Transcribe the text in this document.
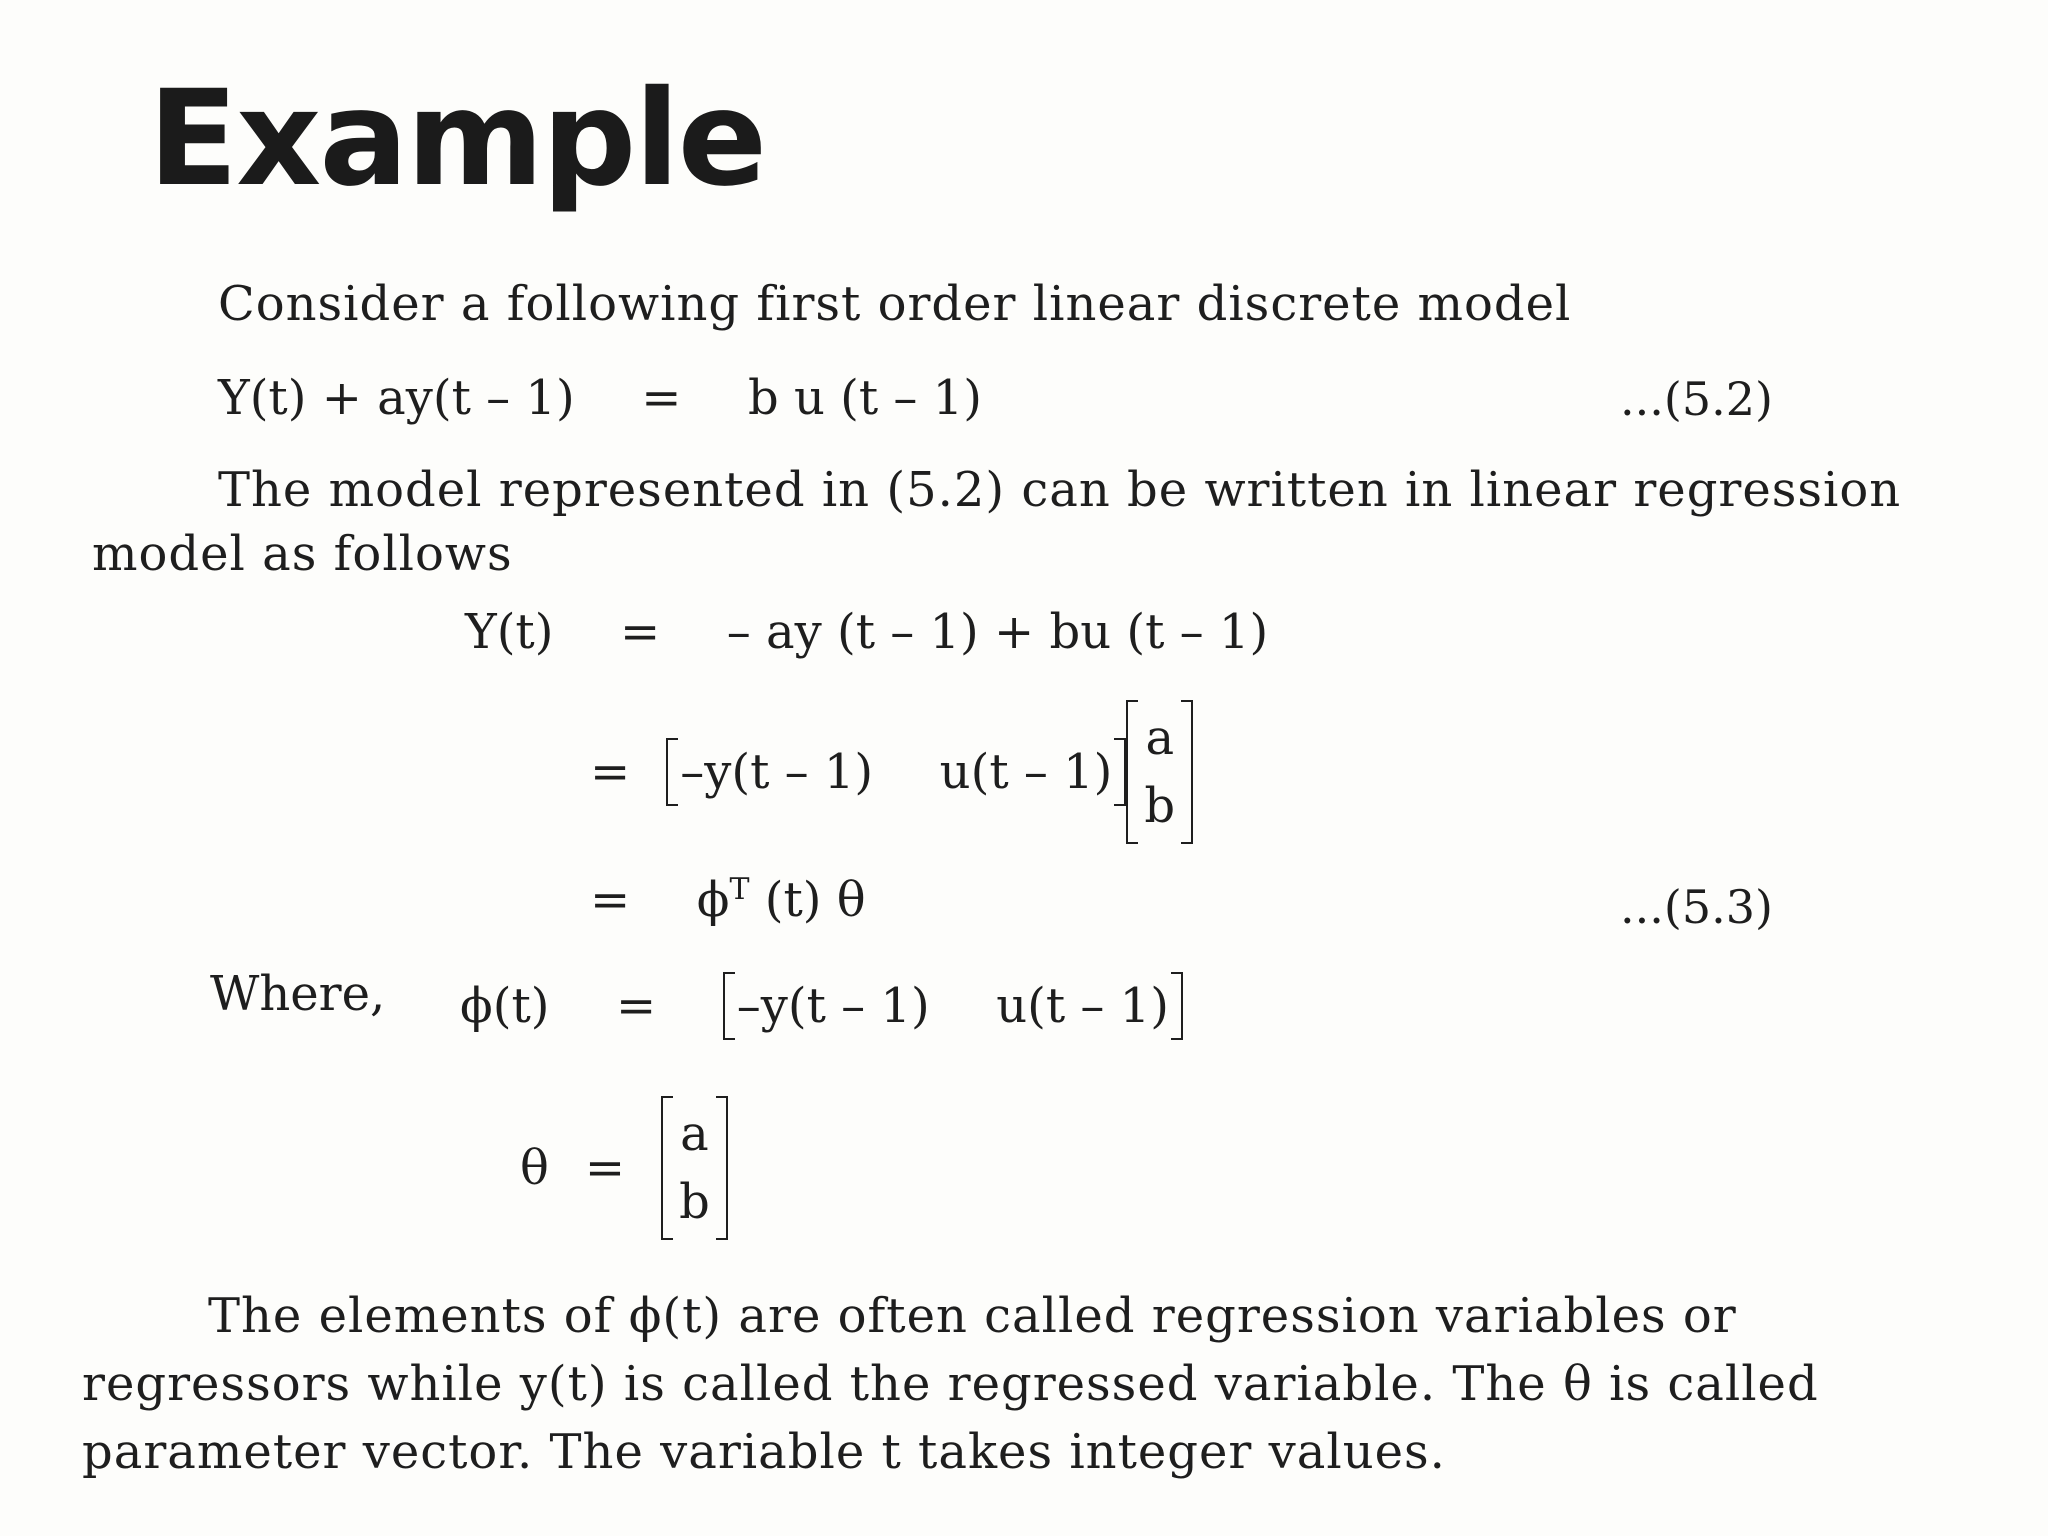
Example
Consider a following first order linear discrete model
Y(t) + ay(t – 1) = b u (t – 1)	...(5.2)
The model represented in (5.2) can be written in linear regression
model as follows
Y(t) = – ay (t – 1) + bu (t – 1)
= –y(t – 1) u(t – 1)
a
b
= $\phi^T$ (t) θ	...(5.3)
Where, ϕ(t) = –y(t – 1) u(t – 1)
θ =
a
b
The elements of ϕ(t) are often called regression variables or
regressors while y(t) is called the regressed variable. The θ is called
parameter vector. The variable t takes integer values.
